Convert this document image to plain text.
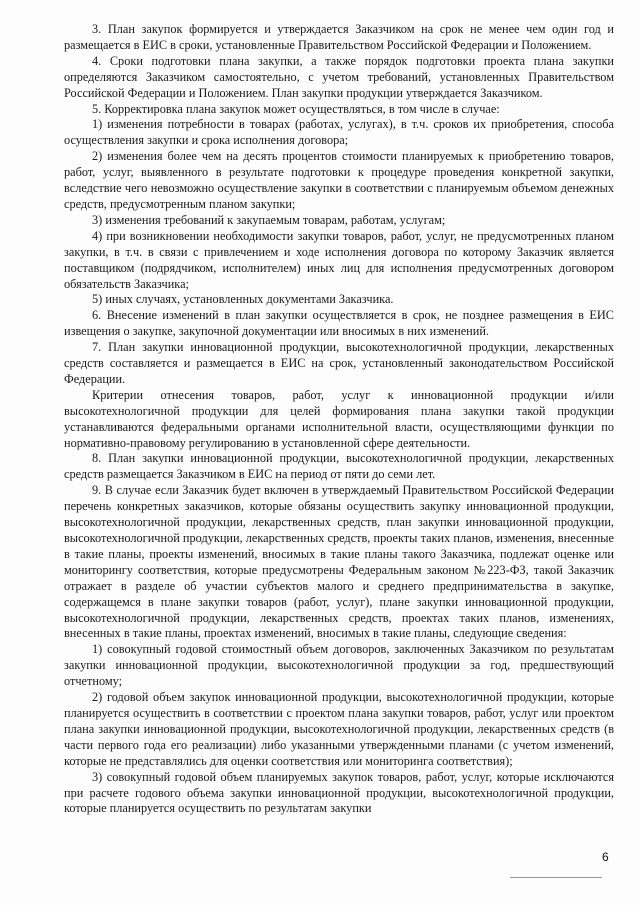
3. План закупок формируется и утверждается Заказчиком на срок не менее чем один год и размещается в ЕИС в сроки, установленные Правительством Российской Федерации и Положением.

4. Сроки подготовки плана закупки, а также порядок подготовки проекта плана закупки определяются Заказчиком самостоятельно, с учетом требований, установленных Правительством Российской Федерации и Положением. План закупки продукции утверждается Заказчиком.

5. Корректировка плана закупок может осуществляться, в том числе в случае:

1) изменения потребности в товарах (работах, услугах), в т.ч. сроков их приобретения, способа осуществления закупки и срока исполнения договора;

2) изменения более чем на десять процентов стоимости планируемых к приобретению товаров, работ, услуг, выявленного в результате подготовки к процедуре проведения конкретной закупки, вследствие чего невозможно осуществление закупки в соответствии с планируемым объемом денежных средств, предусмотренным планом закупки;

3) изменения требований к закупаемым товарам, работам, услугам;

4) при возникновении необходимости закупки товаров, работ, услуг, не предусмотренных планом закупки, в т.ч. в связи с привлечением и ходе исполнения договора по которому Заказчик является поставщиком (подрядчиком, исполнителем) иных лиц для исполнения предусмотренных договором обязательств Заказчика;

5) иных случаях, установленных документами Заказчика.

6. Внесение изменений в план закупки осуществляется в срок, не позднее размещения в ЕИС извещения о закупке, закупочной документации или вносимых в них изменений.

7. План закупки инновационной продукции, высокотехнологичной продукции, лекарственных средств составляется и размещается в ЕИС на срок, установленный законодательством Российской Федерации.

Критерии отнесения товаров, работ, услуг к инновационной продукции и/или высокотехнологичной продукции для целей формирования плана закупки такой продукции устанавливаются федеральными органами исполнительной власти, осуществляющими функции по нормативно-правовому регулированию в установленной сфере деятельности.

8. План закупки инновационной продукции, высокотехнологичной продукции, лекарственных средств размещается Заказчиком в ЕИС на период от пяти до семи лет.

9. В случае если Заказчик будет включен в утверждаемый Правительством Российской Федерации перечень конкретных заказчиков, которые обязаны осуществить закупку инновационной продукции, высокотехнологичной продукции, лекарственных средств, план закупки инновационной продукции, высокотехнологичной продукции, лекарственных средств, проекты таких планов, изменения, внесенные в такие планы, проекты изменений, вносимых в такие планы такого Заказчика, подлежат оценке или мониторингу соответствия, которые предусмотрены Федеральным законом №223-ФЗ, такой Заказчик отражает в разделе об участии субъектов малого и среднего предпринимательства в закупке, содержащемся в плане закупки товаров (работ, услуг), плане закупки инновационной продукции, высокотехнологичной продукции, лекарственных средств, проектах таких планов, изменениях, внесенных в такие планы, проектах изменений, вносимых в такие планы, следующие сведения:

1) совокупный годовой стоимостный объем договоров, заключенных Заказчиком по результатам закупки инновационной продукции, высокотехнологичной продукции за год, предшествующий отчетному;

2) годовой объем закупок инновационной продукции, высокотехнологичной продукции, которые планируется осуществить в соответствии с проектом плана закупки товаров, работ, услуг или проектом плана закупки инновационной продукции, высокотехнологичной продукции, лекарственных средств (в части первого года его реализации) либо указанными утвержденными планами (с учетом изменений, которые не представлялись для оценки соответствия или мониторинга соответствия);

3) совокупный годовой объем планируемых закупок товаров, работ, услуг, которые исключаются при расчете годового объема закупки инновационной продукции, высокотехнологичной продукции, которые планируется осуществить по результатам закупки

6
